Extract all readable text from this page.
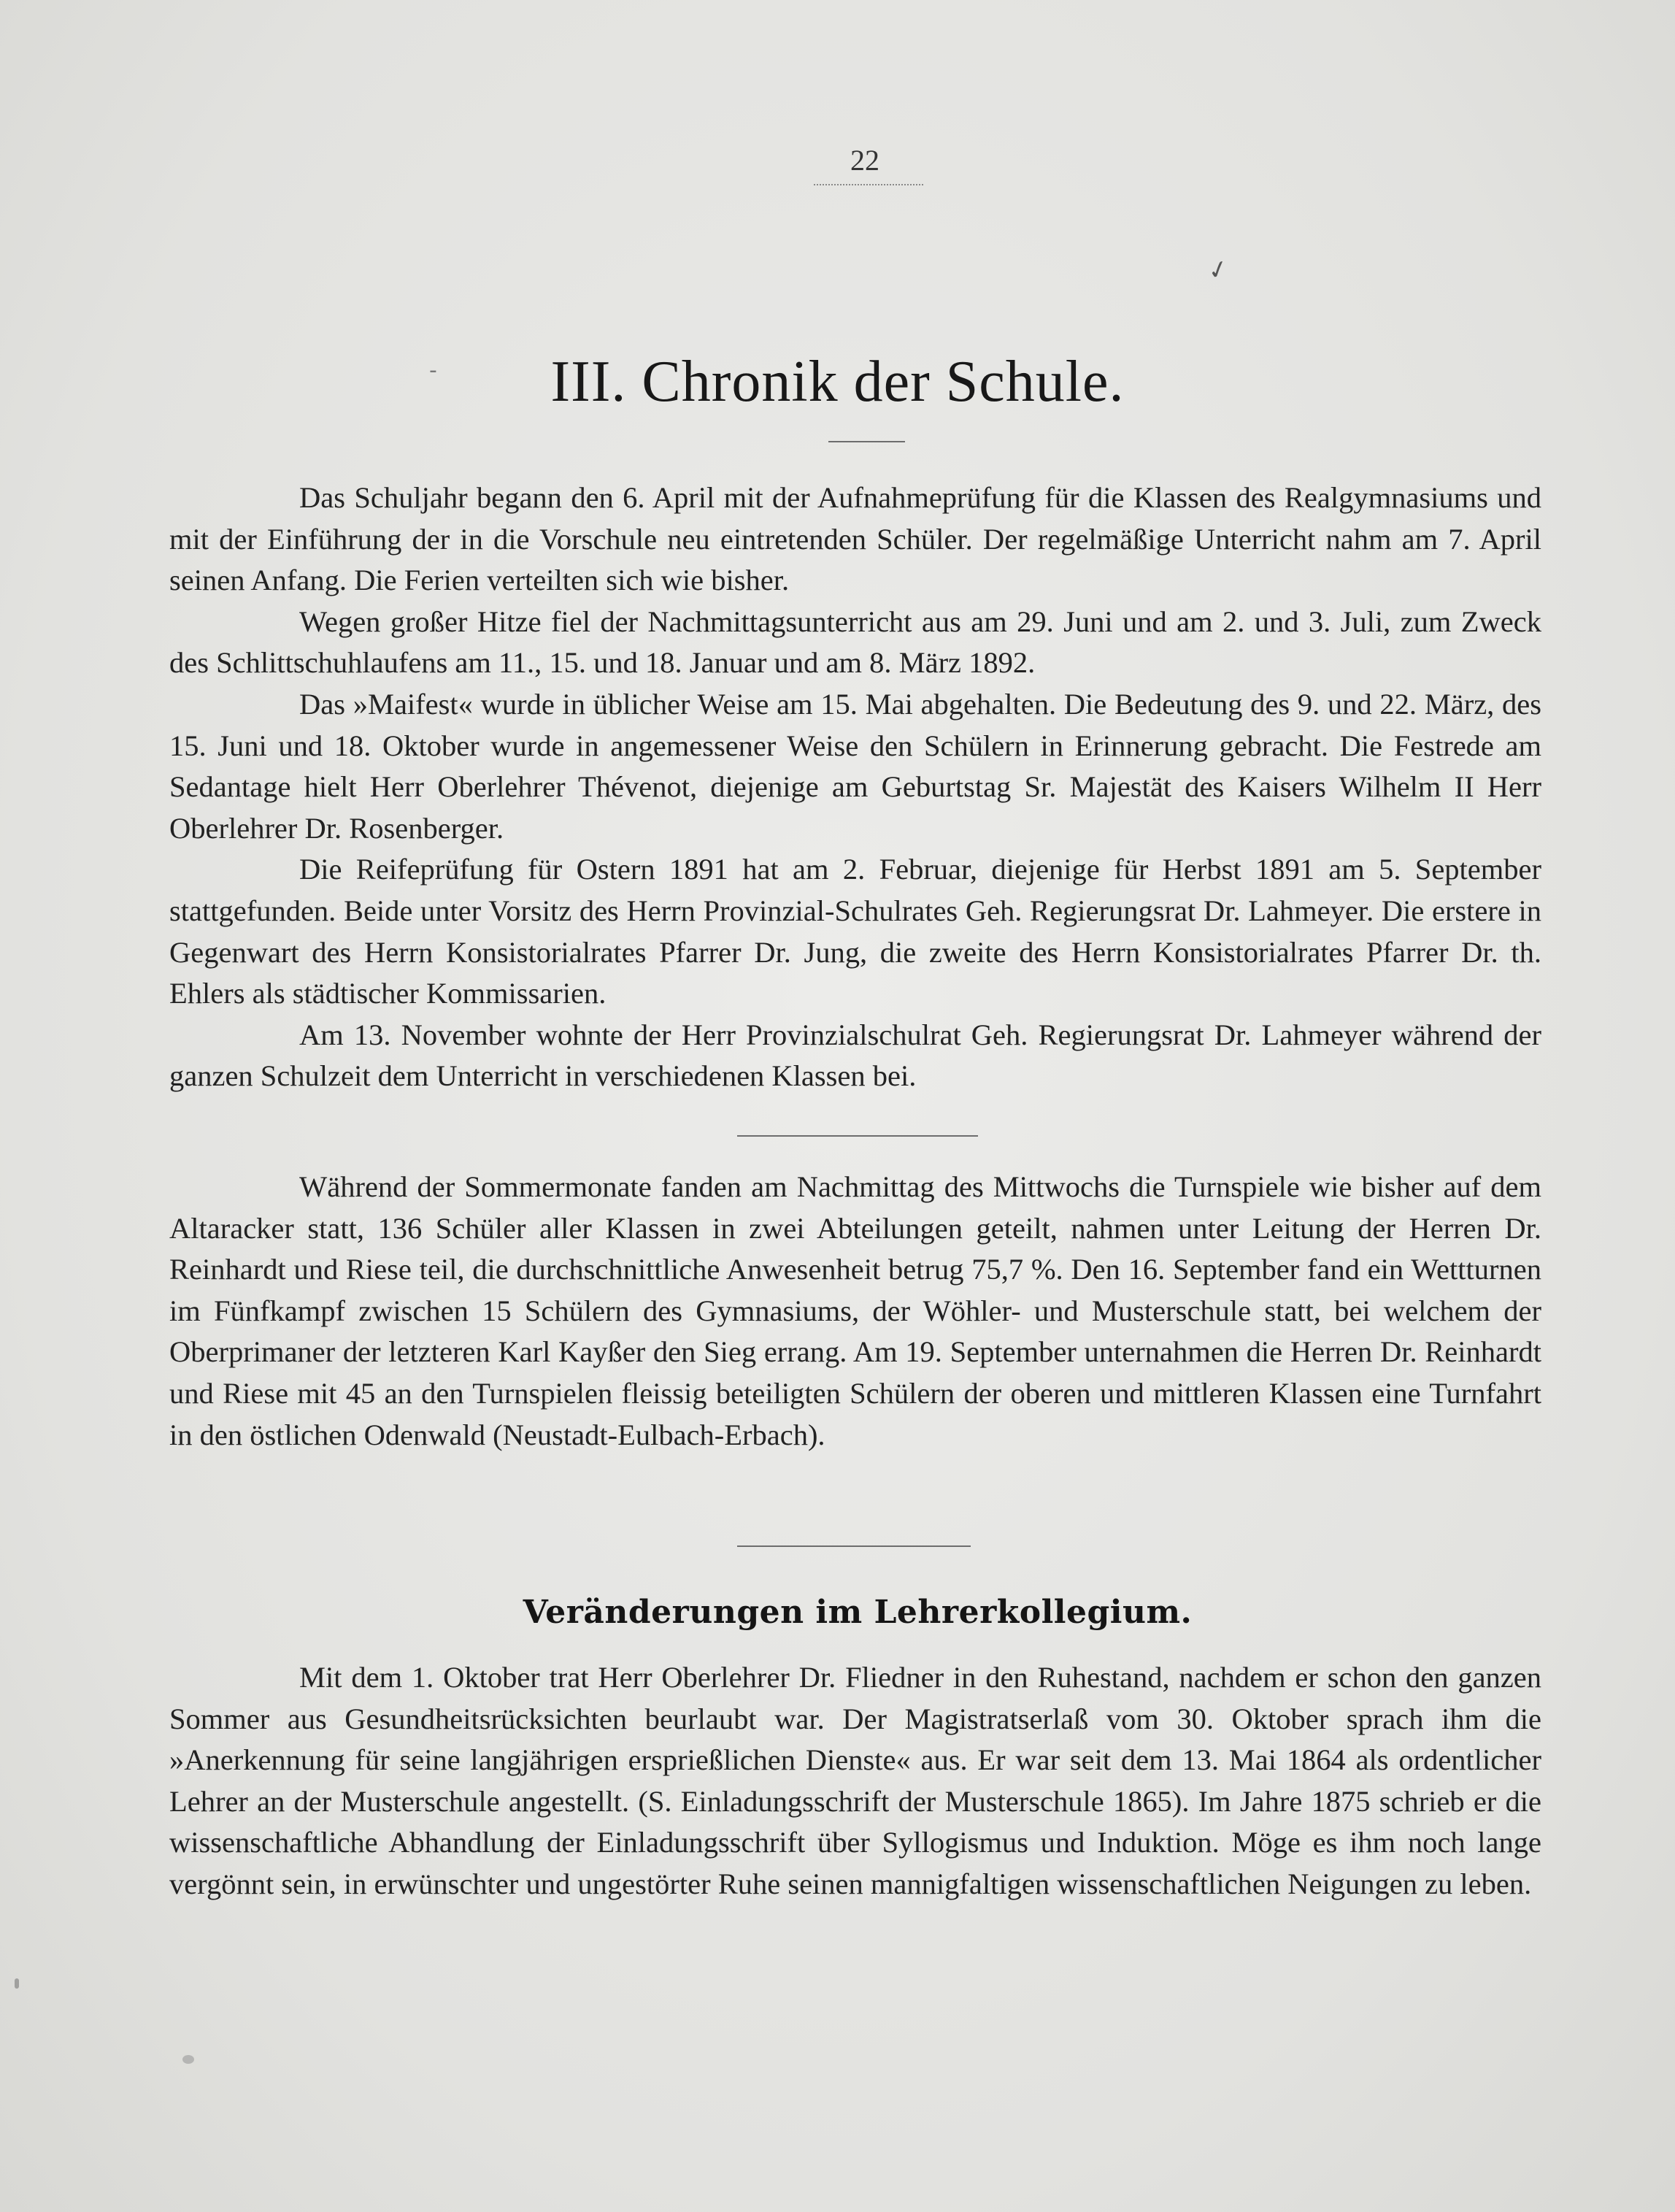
22
✓
-	III. Chronik der Schule.

Das Schuljahr begann den 6. April mit der Aufnahmeprüfung für die Klassen des Realgymnasiums und mit der Einführung der in die Vorschule neu eintretenden Schüler. Der regelmäßige Unterricht nahm am 7. April seinen Anfang. Die Ferien verteilten sich wie bisher.

Wegen großer Hitze fiel der Nachmittagsunterricht aus am 29. Juni und am 2. und 3. Juli, zum Zweck des Schlittschuhlaufens am 11., 15. und 18. Januar und am 8. März 1892.

Das »Maifest« wurde in üblicher Weise am 15. Mai abgehalten. Die Bedeutung des 9. und 22. März, des 15. Juni und 18. Oktober wurde in angemessener Weise den Schülern in Erinnerung gebracht. Die Festrede am Sedantage hielt Herr Oberlehrer Thévenot, diejenige am Geburtstag Sr. Majestät des Kaisers Wilhelm II Herr Oberlehrer Dr. Rosenberger.

Die Reifeprüfung für Ostern 1891 hat am 2. Februar, diejenige für Herbst 1891 am 5. September stattgefunden. Beide unter Vorsitz des Herrn Provinzial-Schulrates Geh. Regierungsrat Dr. Lahmeyer. Die erstere in Gegenwart des Herrn Konsistorialrates Pfarrer Dr. Jung, die zweite des Herrn Konsistorialrates Pfarrer Dr. th. Ehlers als städtischer Kommissarien.

Am 13. November wohnte der Herr Provinzialschulrat Geh. Regierungsrat Dr. Lahmeyer während der ganzen Schulzeit dem Unterricht in verschiedenen Klassen bei.

Während der Sommermonate fanden am Nachmittag des Mittwochs die Turnspiele wie bisher auf dem Altaracker statt, 136 Schüler aller Klassen in zwei Abteilungen geteilt, nahmen unter Leitung der Herren Dr. Reinhardt und Riese teil, die durchschnittliche Anwesenheit betrug 75,7 %. Den 16. September fand ein Wettturnen im Fünfkampf zwischen 15 Schülern des Gymnasiums, der Wöhler- und Musterschule statt, bei welchem der Oberprimaner der letzteren Karl Kayßer den Sieg errang. Am 19. September unternahmen die Herren Dr. Reinhardt und Riese mit 45 an den Turnspielen fleissig beteiligten Schülern der oberen und mittleren Klassen eine Turnfahrt in den östlichen Odenwald (Neustadt-Eulbach-Erbach).

Veränderungen im Lehrerkollegium.

Mit dem 1. Oktober trat Herr Oberlehrer Dr. Fliedner in den Ruhestand, nachdem er schon den ganzen Sommer aus Gesundheitsrücksichten beurlaubt war. Der Magistratserlaß vom 30. Oktober sprach ihm die »Anerkennung für seine langjährigen ersprießlichen Dienste« aus. Er war seit dem 13. Mai 1864 als ordentlicher Lehrer an der Musterschule angestellt. (S. Einladungsschrift der Musterschule 1865). Im Jahre 1875 schrieb er die wissenschaftliche Abhandlung der Einladungsschrift über Syllogismus und Induktion. Möge es ihm noch lange vergönnt sein, in erwünschter und ungestörter Ruhe seinen mannigfaltigen wissenschaftlichen Neigungen zu leben.
